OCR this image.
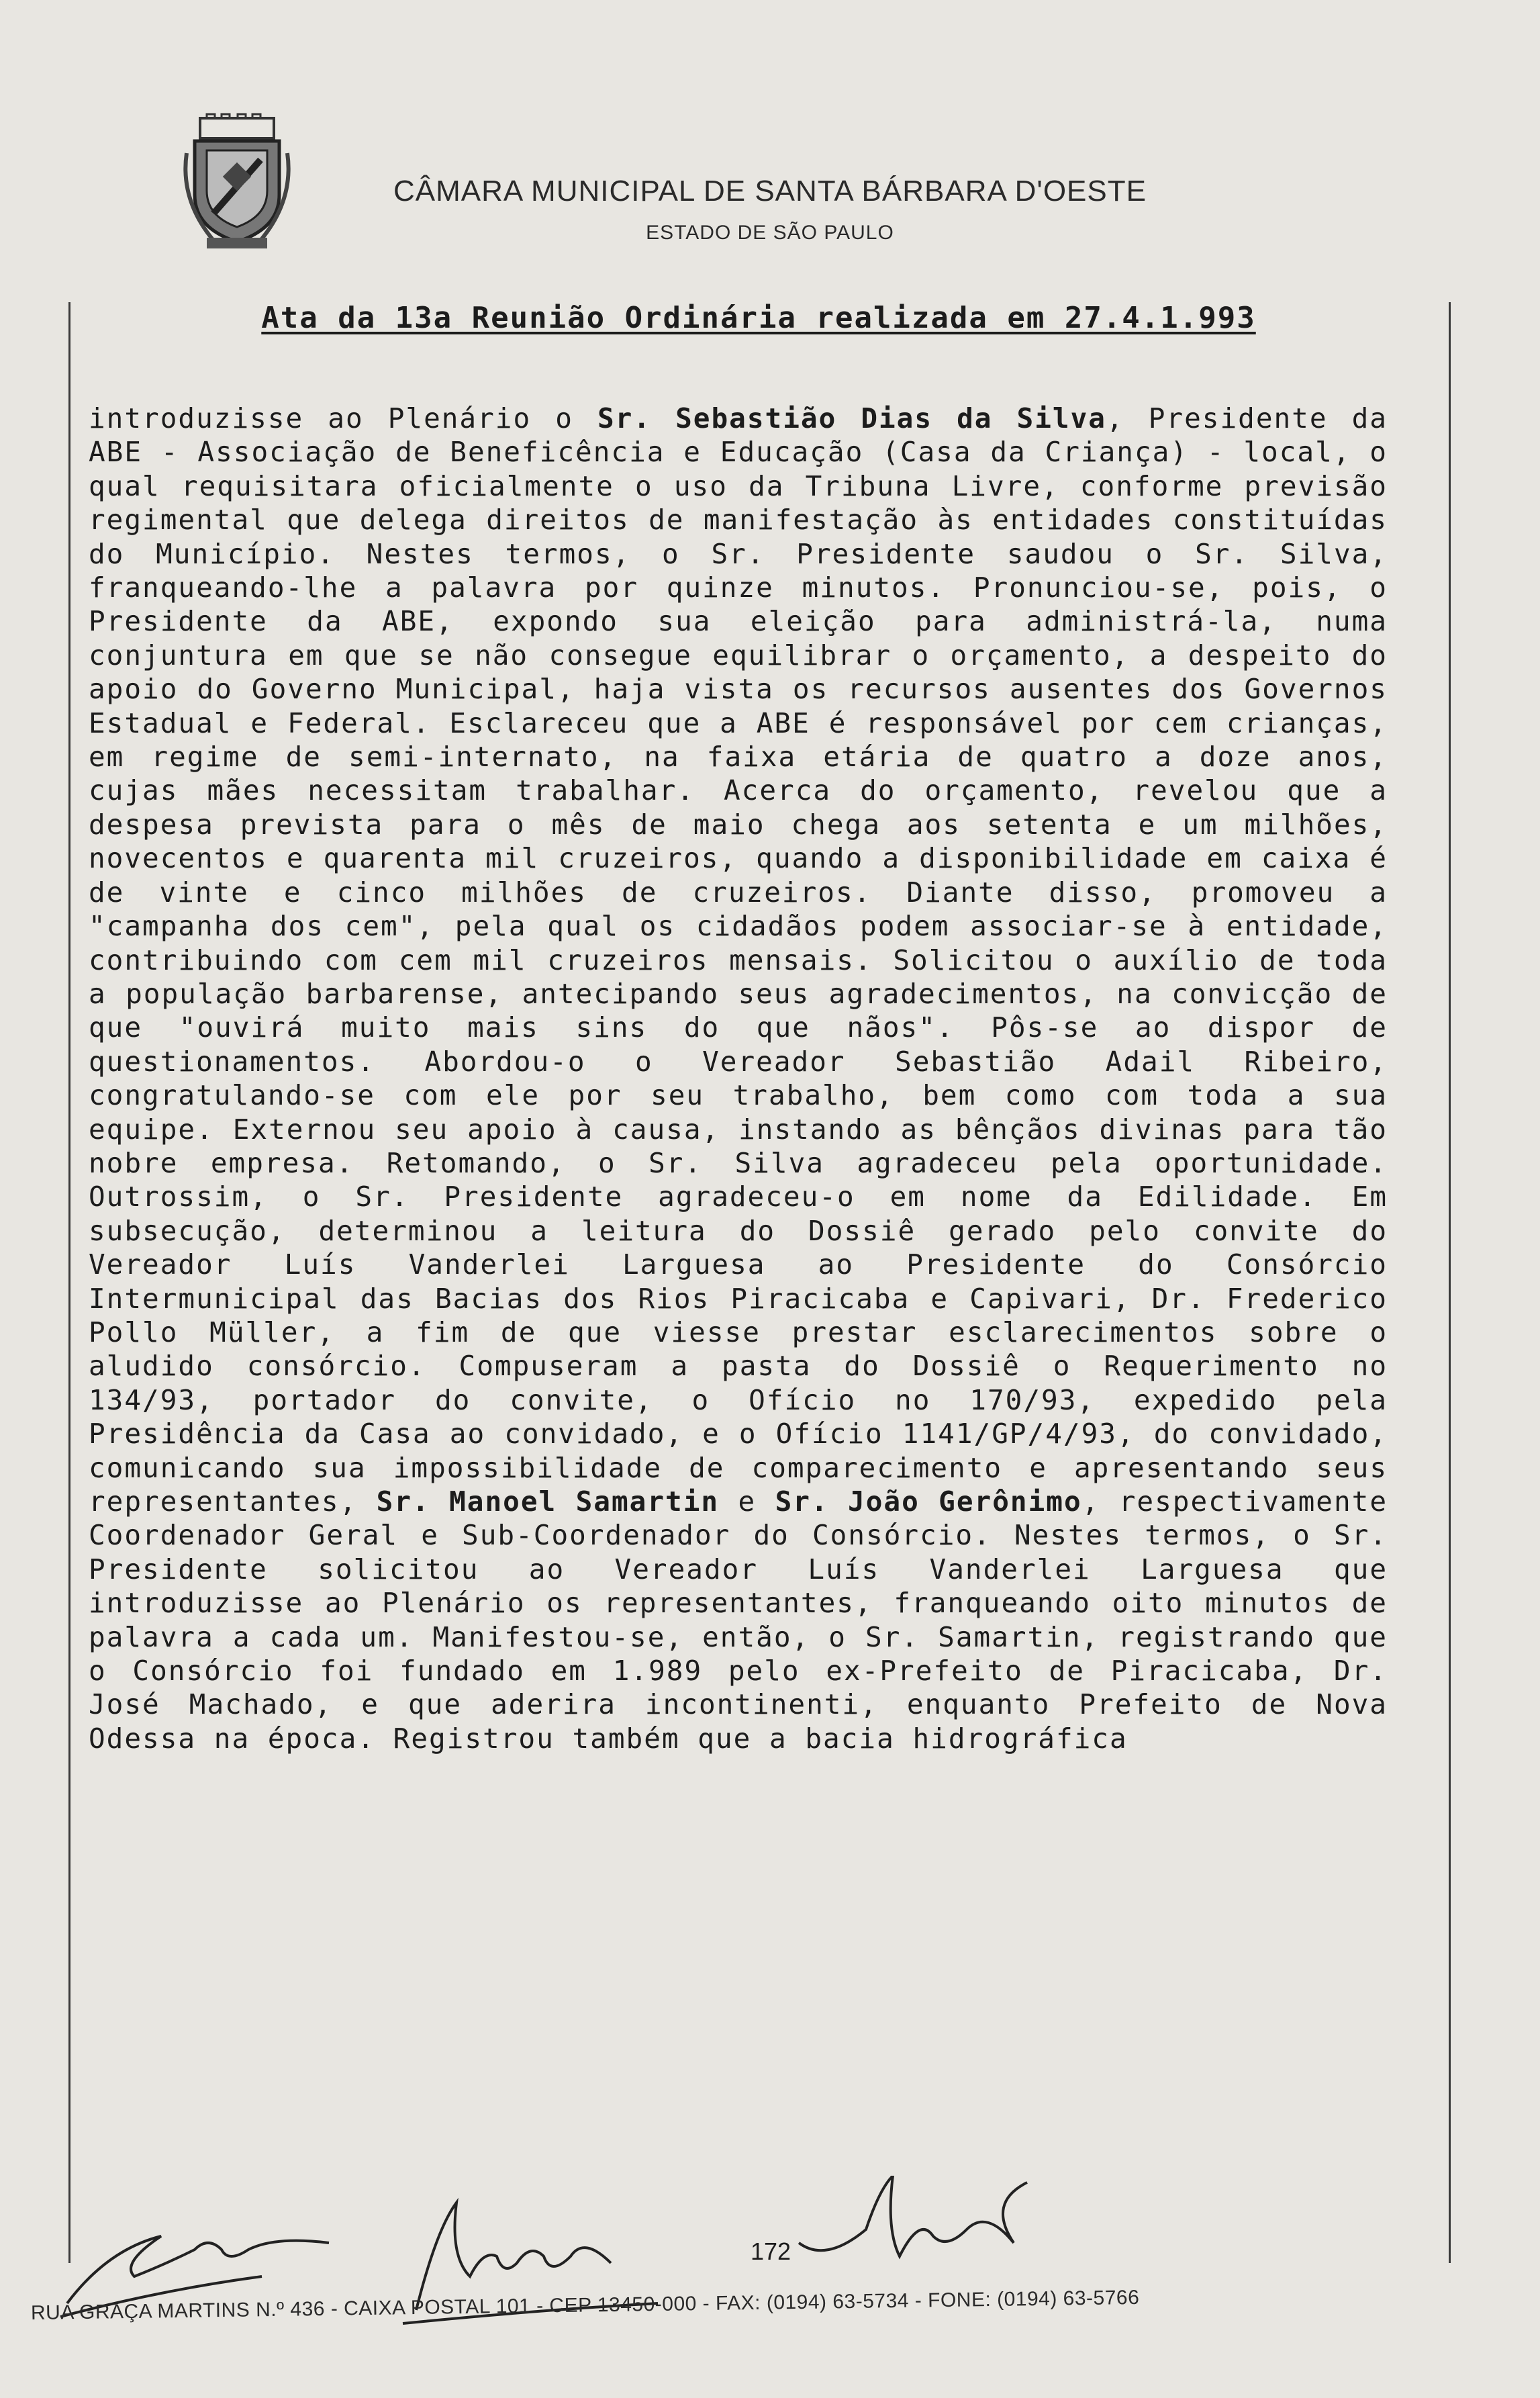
CÂMARA MUNICIPAL DE SANTA BÁRBARA D'OESTE
ESTADO DE SÃO PAULO
Ata da 13a Reunião Ordinária realizada em 27.4.1.993
introduzisse ao Plenário o Sr. Sebastião Dias da Silva, Presidente da ABE - Associação de Beneficência e Educação (Casa da Criança) - local, o qual requisitara oficialmente o uso da Tribuna Livre, conforme previsão regimental que delega direitos de manifestação às entidades constituídas do Município. Nestes termos, o Sr. Presidente saudou o Sr. Silva, franqueando-lhe a palavra por quinze minutos. Pronunciou-se, pois, o Presidente da ABE, expondo sua eleição para administrá-la, numa conjuntura em que se não consegue equilibrar o orçamento, a despeito do apoio do Governo Municipal, haja vista os recursos ausentes dos Governos Estadual e Federal. Esclareceu que a ABE é responsável por cem crianças, em regime de semi-internato, na faixa etária de quatro a doze anos, cujas mães necessitam trabalhar. Acerca do orçamento, revelou que a despesa prevista para o mês de maio chega aos setenta e um milhões, novecentos e quarenta mil cruzeiros, quando a disponibilidade em caixa é de vinte e cinco milhões de cruzeiros. Diante disso, promoveu a "campanha dos cem", pela qual os cidadãos podem associar-se à entidade, contribuindo com cem mil cruzeiros mensais. Solicitou o auxílio de toda a população barbarense, antecipando seus agradecimentos, na convicção de que "ouvirá muito mais sins do que nãos". Pôs-se ao dispor de questionamentos. Abordou-o o Vereador Sebastião Adail Ribeiro, congratulando-se com ele por seu trabalho, bem como com toda a sua equipe. Externou seu apoio à causa, instando as bênçãos divinas para tão nobre empresa. Retomando, o Sr. Silva agradeceu pela oportunidade. Outrossim, o Sr. Presidente agradeceu-o em nome da Edilidade. Em subsecução, determinou a leitura do Dossiê gerado pelo convite do Vereador Luís Vanderlei Larguesa ao Presidente do Consórcio Intermunicipal das Bacias dos Rios Piracicaba e Capivari, Dr. Frederico Pollo Müller, a fim de que viesse prestar esclarecimentos sobre o aludido consórcio. Compuseram a pasta do Dossiê o Requerimento no 134/93, portador do convite, o Ofício no 170/93, expedido pela Presidência da Casa ao convidado, e o Ofício 1141/GP/4/93, do convidado, comunicando sua impossibilidade de comparecimento e apresentando seus representantes, Sr. Manoel Samartin e Sr. João Gerônimo, respectivamente Coordenador Geral e Sub-Coordenador do Consórcio. Nestes termos, o Sr. Presidente solicitou ao Vereador Luís Vanderlei Larguesa que introduzisse ao Plenário os representantes, franqueando oito minutos de palavra a cada um. Manifestou-se, então, o Sr. Samartin, registrando que o Consórcio foi fundado em 1.989 pelo ex-Prefeito de Piracicaba, Dr. José Machado, e que aderira incontinenti, enquanto Prefeito de Nova Odessa na época. Registrou também que a bacia hidrográfica
172
RUA GRAÇA MARTINS N.º 436 - CAIXA POSTAL 101 - CEP 13450-000 - FAX: (0194) 63-5734 - FONE: (0194) 63-5766
